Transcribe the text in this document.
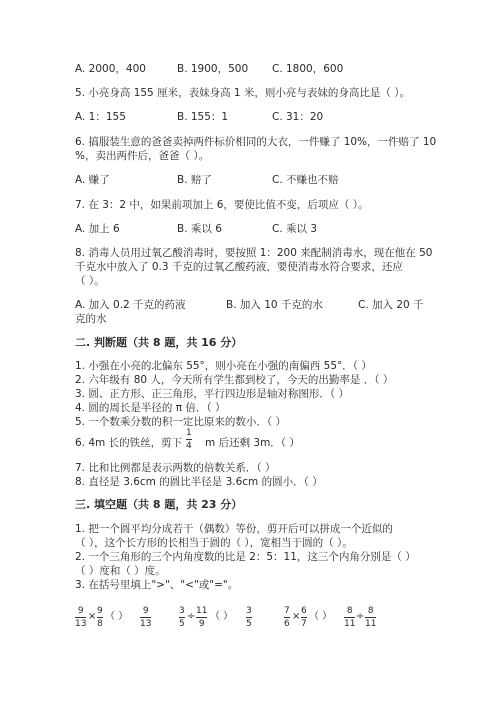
A. 2000，400	B. 1900，500 C. 1800，600
5. 小亮身高 155 厘米，表妹身高 1 米，则小亮与表妹的身高比是（ ）。
A. 1：155	B. 155：1	C. 31：20
6. 搞服装生意的爸爸卖掉两件标价相同的大衣，一件赚了 10%，一件赔了 10
%，卖出两件后，爸爸（ ）。
A. 赚了	B. 赔了	C. 不赚也不赔
7. 在 3：2 中，如果前项加上 6，要使比值不变，后项应（ ）。
A. 加上 6	B. 乘以 6	C. 乘以 3
8. 消毒人员用过氧乙酸消毒时，要按照 1：200 来配制消毒水，现在他在 50
千克水中放入了 0.3 千克的过氧乙酸药液，要使消毒水符合要求，还应
（ ）。
A. 加入 0.2 千克的药液	B. 加入 10 千克的水	C. 加入 20 千
克的水
二. 判断题（共 8 题，共 16 分）
1. 小强在小亮的北偏东 55°，则小亮在小强的南偏西 55°．（ ）
2. 六年级有 80 人，今天所有学生都到校了，今天的出勤率是 ．（ ）
3. 圆、正方形、正三角形，平行四边形是轴对称图形．（ ）
4. 圆的周长是半径的 π 倍．（ ）
5. 一个数乘分数的积一定比原来的数小．（ ）
6. 4m 长的铁丝，剪下
1
4 m 后还剩 3m．（ ）
7. 比和比例都是表示两数的倍数关系．（ ）
8. 直径是 3.6cm 的圆比半径是 3.6cm 的圆小．（ ）
三. 填空题（共 8 题，共 23 分）
1. 把一个圆平均分成若干（偶数）等份，剪开后可以拼成一个近似的
（ ），这个长方形的长相当于圆的（ ），宽相当于圆的（ ）。
2. 一个三角形的三个内角度数的比是 2：5：11，这三个内角分别是（ ）
（ ）度和（ ）度。
3. 在括号里填上">"、"<"或"="。
9
13
× 9
8
（ ） 9
13
3
5
÷ 11
9
（ ） 3
5
7
6
× 6
7
（ ） 8
11
÷ 8
11
